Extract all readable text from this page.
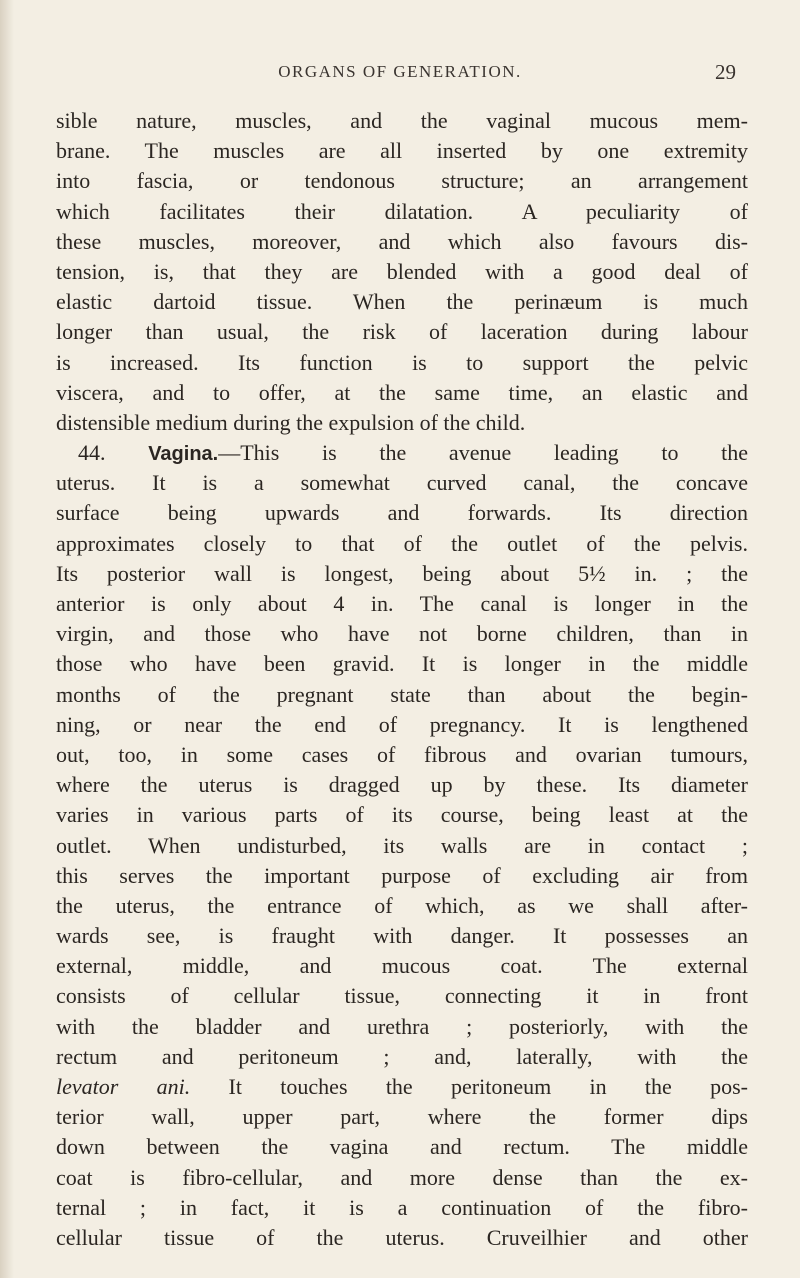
ORGANS OF GENERATION.	29
sible nature, muscles, and the vaginal mucous mem-
brane. The muscles are all inserted by one extremity
into fascia, or tendonous structure; an arrangement
which facilitates their dilatation. A peculiarity of
these muscles, moreover, and which also favours dis-
tension, is, that they are blended with a good deal of
elastic dartoid tissue. When the perinæum is much
longer than usual, the risk of laceration during labour
is increased. Its function is to support the pelvic
viscera, and to offer, at the same time, an elastic and
distensible medium during the expulsion of the child.
44. Vagina.—This is the avenue leading to the
uterus. It is a somewhat curved canal, the concave
surface being upwards and forwards. Its direction
approximates closely to that of the outlet of the pelvis.
Its posterior wall is longest, being about 5½ in. ; the
anterior is only about 4 in. The canal is longer in the
virgin, and those who have not borne children, than in
those who have been gravid. It is longer in the middle
months of the pregnant state than about the begin-
ning, or near the end of pregnancy. It is lengthened
out, too, in some cases of fibrous and ovarian tumours,
where the uterus is dragged up by these. Its diameter
varies in various parts of its course, being least at the
outlet. When undisturbed, its walls are in contact ;
this serves the important purpose of excluding air from
the uterus, the entrance of which, as we shall after-
wards see, is fraught with danger. It possesses an
external, middle, and mucous coat. The external
consists of cellular tissue, connecting it in front
with the bladder and urethra ; posteriorly, with the
rectum and peritoneum ; and, laterally, with the
levator ani. It touches the peritoneum in the pos-
terior wall, upper part, where the former dips
down between the vagina and rectum. The middle
coat is fibro-cellular, and more dense than the ex-
ternal ; in fact, it is a continuation of the fibro-
cellular tissue of the uterus. Cruveilhier and other
